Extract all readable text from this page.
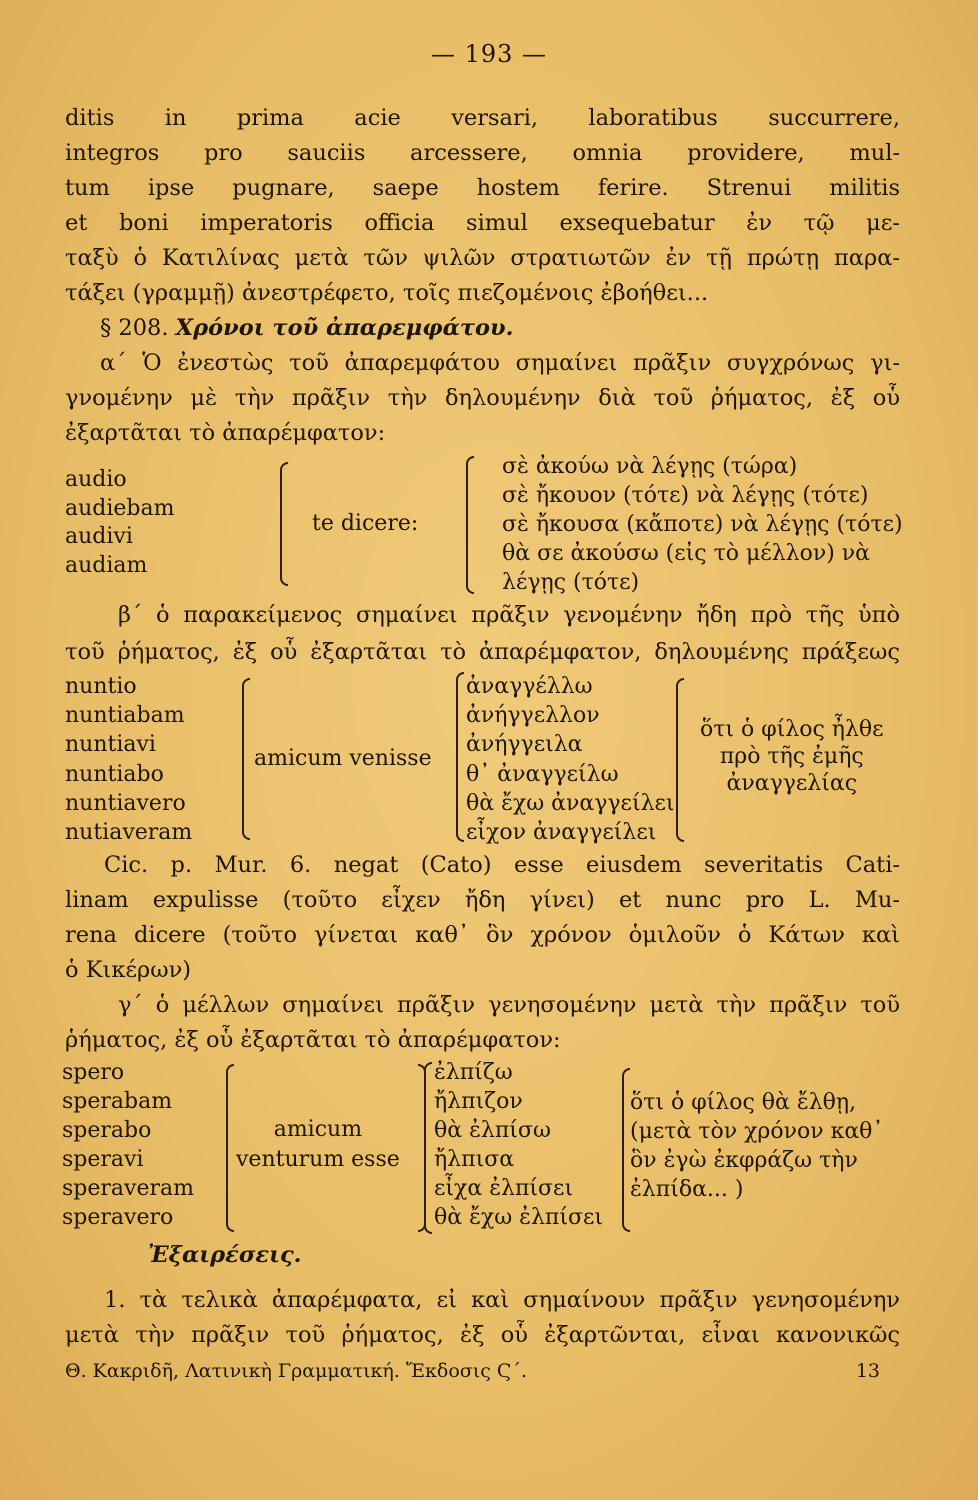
— 193 —
ditis in prima acie versari, laboratibus succurrere,
integros pro sauciis arcessere, omnia providere, mul-
tum ipse pugnare, saepe hostem ferire. Strenui militis
et boni imperatoris officia simul exsequebatur ἐν τῷ με-
ταξὺ ὁ Κατιλίνας μετὰ τῶν ψιλῶν στρατιωτῶν ἐν τῇ πρώτῃ παρα-
τάξει (γραμμῇ) ἀνεστρέφετο, τοῖς πιεζομένοις ἐβοήθει...
§ 208. Χρόνοι τοῦ ἀπαρεμφάτου.
α΄ Ὁ ἐνεστὼς τοῦ ἀπαρεμφάτου σημαίνει πρᾶξιν συγχρόνως γι-
γνομένην μὲ τὴν πρᾶξιν τὴν δηλουμένην διὰ τοῦ ῥήματος, ἐξ οὗ
ἐξαρτᾶται τὸ ἀπαρέμφατον:
audio
audiebam
audivi
audiam
te dicere:
σὲ ἀκούω νὰ λέγῃς (τώρα)
σὲ ἤκουον (τότε) νὰ λέγῃς (τότε)
σὲ ἤκουσα (κἄποτε) νὰ λέγῃς (τότε)
θὰ σε ἀκούσω (εἰς τὸ μέλλον) νὰ
λέγῃς (τότε)
β΄ ὁ παρακείμενος σημαίνει πρᾶξιν γενομένην ἤδη πρὸ τῆς ὑπὸ
τοῦ ῥήματος, ἐξ οὗ ἐξαρτᾶται τὸ ἀπαρέμφατον, δηλουμένης πράξεως
nuntio
nuntiabam
nuntiavi
nuntiabo
nuntiavero
nutiaveram
amicum venisse
ἀναγγέλλω
ἀνήγγελλον
ἀνήγγειλα
θ᾽ ἀναγγείλω
θὰ ἔχω ἀναγγείλει
εἶχον ἀναγγείλει
ὅτι ὁ φίλος ἦλθε
πρὸ τῆς ἐμῆς
ἀναγγελίας
Cic. p. Mur. 6. negat (Cato) esse eiusdem severitatis Cati-
linam expulisse (τοῦτο εἶχεν ἤδη γίνει) et nunc pro L. Mu-
rena dicere (τοῦτο γίνεται καθ᾽ ὃν χρόνον ὁμιλοῦν ὁ Κάτων καὶ
ὁ Κικέρων)
γ΄ ὁ μέλλων σημαίνει πρᾶξιν γενησομένην μετὰ τὴν πρᾶξιν τοῦ
ῥήματος, ἐξ οὗ ἐξαρτᾶται τὸ ἀπαρέμφατον:
spero
sperabam
sperabo
speravi
speraveram
speravero
amicum
venturum esse
ἐλπίζω
ἤλπιζον
θὰ ἐλπίσω
ἤλπισα
εἶχα ἐλπίσει
θὰ ἔχω ἐλπίσει
ὅτι ὁ φίλος θὰ ἔλθῃ,
(μετὰ τὸν χρόνον καθ᾽
ὃν ἐγὼ ἐκφράζω τὴν
ἐλπίδα... )
Ἐξαιρέσεις.
1. τὰ τελικὰ ἀπαρέμφατα, εἰ καὶ σημαίνουν πρᾶξιν γενησομένην
μετὰ τὴν πρᾶξιν τοῦ ῥήματος, ἐξ οὗ ἐξαρτῶνται, εἶναι κανονικῶς
Θ. Κακριδῆ, Λατινικὴ Γραμματική. Ἔκδοσις Ϛ΄.	13
